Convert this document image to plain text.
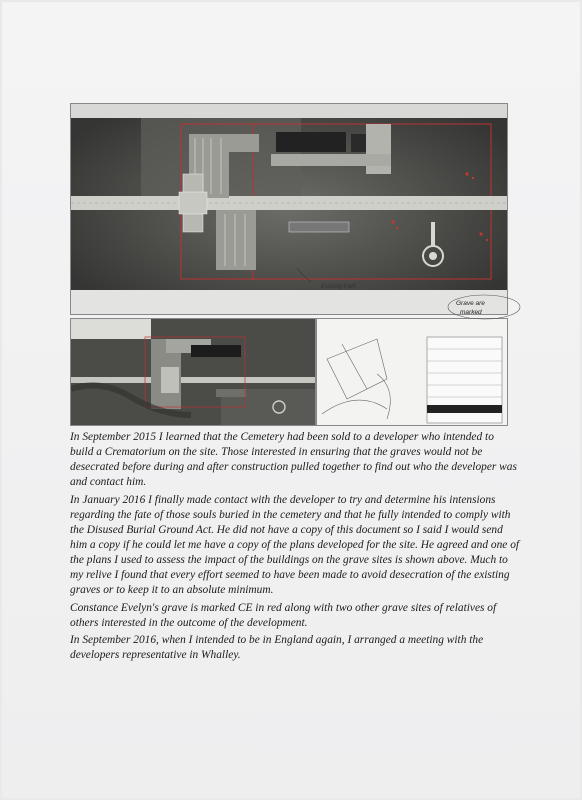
Existing Path
Grave are
marked

In September 2015 I learned that the Cemetery had been sold to a developer who intended to build a Crematorium on the site. Those interested in ensuring that the graves would not be desecrated before during and after construction pulled together to find out who the developer was and contact him.

In January 2016 I finally made contact with the developer to try and determine his intensions regarding the fate of those souls buried in the cemetery and that he fully intended to comply with the Disused Burial Ground Act. He did not have a copy of this document so I said I would send him a copy if he could let me have a copy of the plans developed for the site. He agreed and one of the plans I used to assess the impact of the buildings on the grave sites is shown above. Much to my relive I found that every effort seemed to have been made to avoid desecration of the existing graves or to keep it to an absolute minimum.

Constance Evelyn's grave is marked CE in red along with two other grave sites of relatives of others interested in the outcome of the development.

In September 2016, when I intended to be in England again, I arranged a meeting with the developers representative in Whalley.
